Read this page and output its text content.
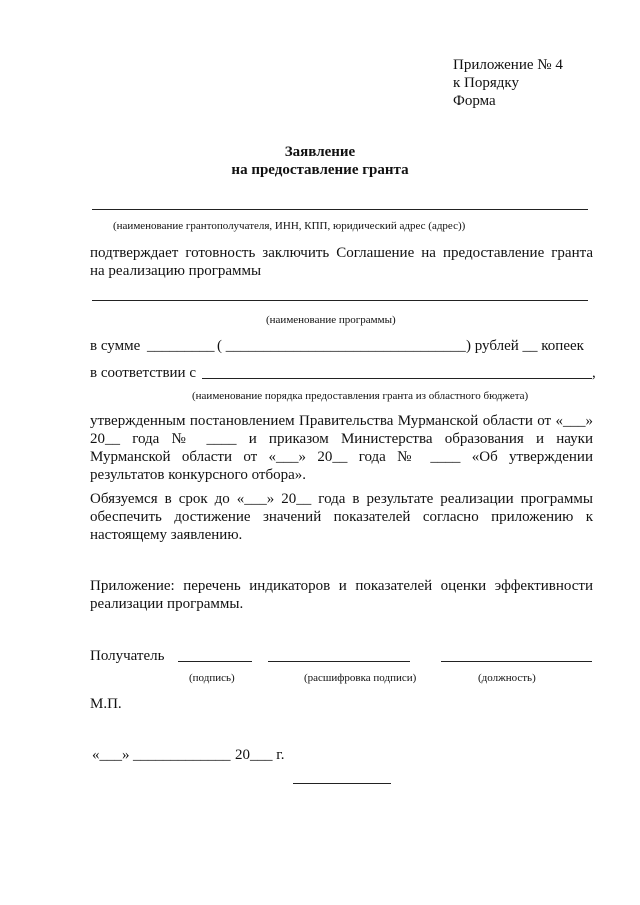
Приложение № 4
к Порядку
Форма
Заявление
на предоставление гранта
(наименование грантополучателя, ИНН, КПП, юридический адрес (адрес))
подтверждает готовность заключить Соглашение на предоставление гранта
на реализацию программы
(наименование программы)
в сумме _________ ( ________________________________ ) рублей __ копеек
в соответствии с	,
(наименование порядка предоставления гранта из областного бюджета)
утвержденным постановлением Правительства Мурманской области от «___»
20__ года № ____ и приказом Министерства образования и науки
Мурманской области от «___» 20__ года № ____ «Об утверждении
результатов конкурсного отбора».
Обязуемся в срок до «___» 20__ года в результате реализации программы
обеспечить достижение значений показателей согласно приложению к
настоящему заявлению.
Приложение: перечень индикаторов и показателей оценки эффективности
реализации программы.
Получатель
(подпись)	(расшифровка подписи)	(должность)
М.П.
«___» _____________ 20___ г.
